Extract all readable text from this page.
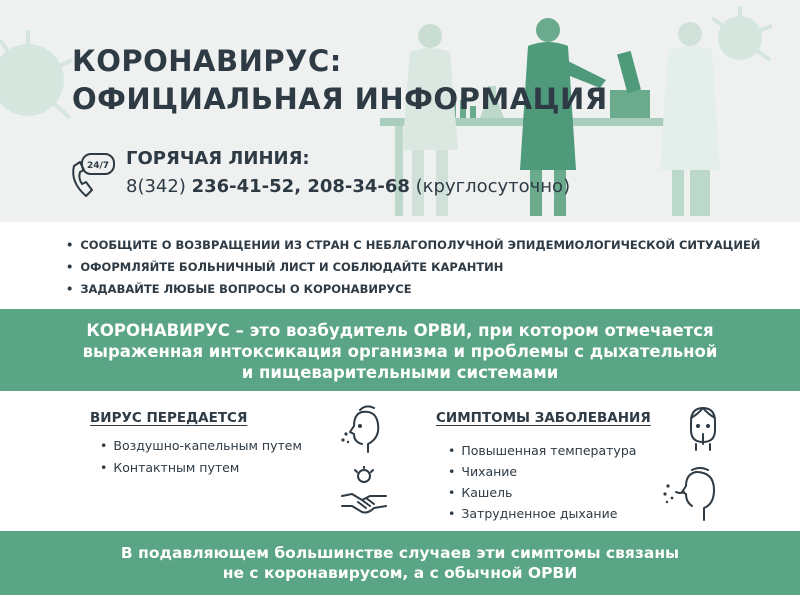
КОРОНАВИРУС:
ОФИЦИАЛЬНАЯ ИНФОРМАЦИЯ
24/7 ГОРЯЧАЯ ЛИНИЯ:
8(342) 236-41-52, 208-34-68 (круглосуточно)
• СООБЩИТЕ О ВОЗВРАЩЕНИИ ИЗ СТРАН С НЕБЛАГОПОЛУЧНОЙ ЭПИДЕМИОЛОГИЧЕСКОЙ СИТУАЦИЕЙ
• ОФОРМЛЯЙТЕ БОЛЬНИЧНЫЙ ЛИСТ И СОБЛЮДАЙТЕ КАРАНТИН
• ЗАДАВАЙТЕ ЛЮБЫЕ ВОПРОСЫ О КОРОНАВИРУСЕ
КОРОНАВИРУС – это возбудитель ОРВИ, при котором отмечается
выраженная интоксикация организма и проблемы с дыхательной
и пищеварительными системами
ВИРУС ПЕРЕДАЕТСЯ
• Воздушно-капельным путем
• Контактным путем
СИМПТОМЫ ЗАБОЛЕВАНИЯ
• Повышенная температура
• Чихание
• Кашель
• Затрудненное дыхание
В подавляющем большинстве случаев эти симптомы связаны
не с коронавирусом, а с обычной ОРВИ
